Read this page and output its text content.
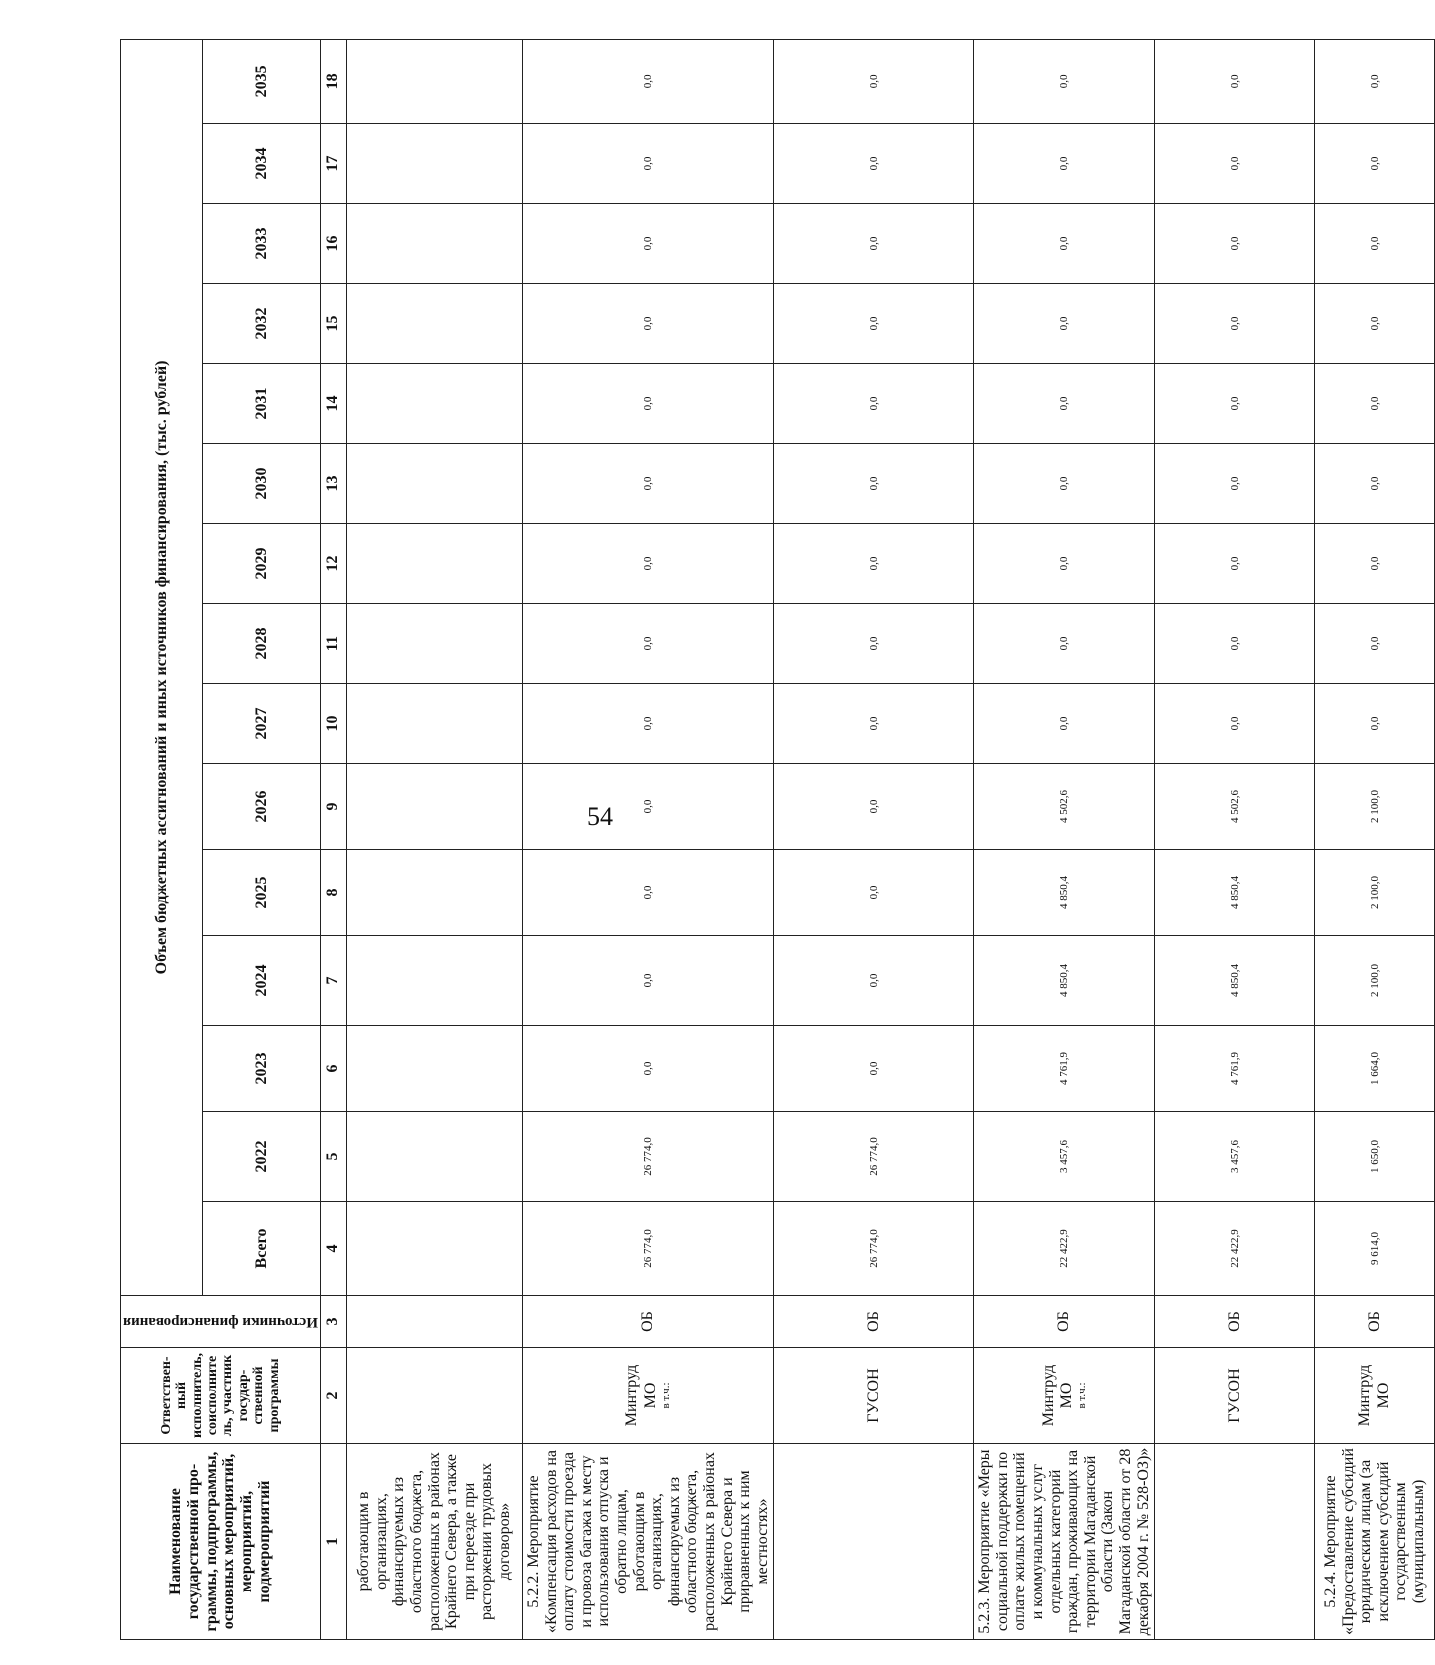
54
Наименование государственной про-граммы, подпрограммы, основных мероприятий, мероприятий, подмероприятий	Ответствен-ный исполнитель, соисполните ль, участник государ-ственной программы	Источники финансирования	Объем бюджетных ассигнований и иных источников финансирования, (тыс. рублей)														
			Всего	2022	2023	2024	2025	2026	2027	2028	2029	2030	2031	2032	2033	2034	2035
1	2	3	4	5	6	7	8	9	10	11	12	13	14	15	16	17	18
работающим в организациях, финансируемых из областного бюджета, расположенных в районах Крайнего Севера, а также при переезде при расторжении трудовых договоров»	

5.2.2. Мероприятие «Компенсация расходов на оплату стоимости проезда и провоза багажа к месту использования отпуска и обратно лицам, работающим в организациях, финансируемых из областного бюджета, расположенных в районах Крайнего Севера и приравненных к ним местностях»	Минтруд МО в т.ч.:	ОБ	26 774,0	26 774,0	0,0	0,0	0,0	0,0	0,0	0,0	0,0	0,0	0,0	0,0	0,0	0,0	0,0
	ГУСОН	ОБ	26 774,0	26 774,0	0,0	0,0	0,0	0,0	0,0	0,0	0,0	0,0	0,0	0,0	0,0	0,0	0,0
5.2.3. Мероприятие «Меры социальной поддержки по оплате жилых помещений и коммунальных услуг отдельных категорий граждан, проживающих на территории Магаданской области (Закон Магаданской области от 28 декабря 2004 г. № 528-ОЗ)»	Минтруд МО в т.ч.:	ОБ	22 422,9	3 457,6	4 761,9	4 850,4	4 850,4	4 502,6	0,0	0,0	0,0	0,0	0,0	0,0	0,0	0,0	0,0
	ГУСОН	ОБ	22 422,9	3 457,6	4 761,9	4 850,4	4 850,4	4 502,6	0,0	0,0	0,0	0,0	0,0	0,0	0,0	0,0	0,0
5.2.4. Мероприятие «Предоставление субсидий юридическим лицам (за исключением субсидий государственным (муниципальным)	Минтруд МО	ОБ	9 614,0	1 650,0	1 664,0	2 100,0	2 100,0	2 100,0	0,0	0,0	0,0	0,0	0,0	0,0	0,0	0,0	0,0
